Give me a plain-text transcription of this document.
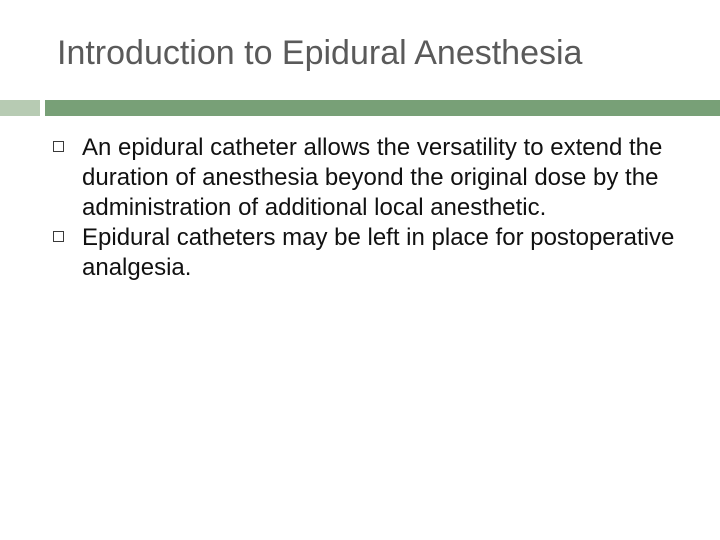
Introduction to Epidural Anesthesia
An epidural catheter allows the versatility to extend the duration of anesthesia beyond the original dose by the administration of additional local anesthetic.
Epidural catheters may be left in place for postoperative analgesia.
